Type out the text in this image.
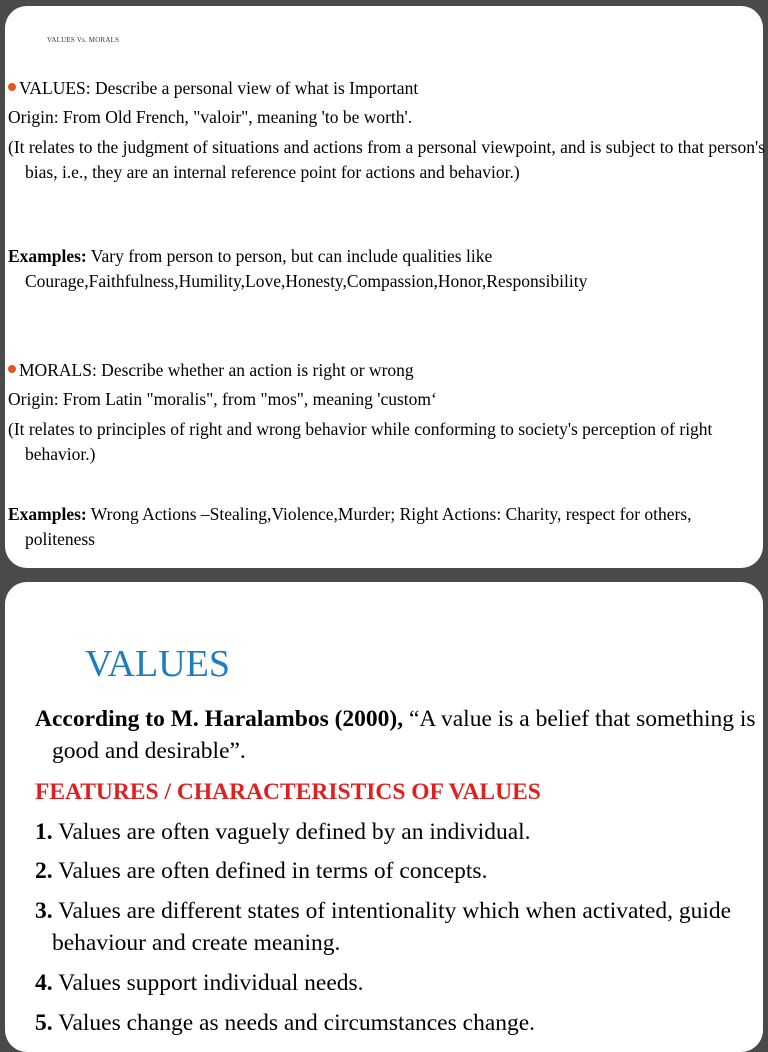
VALUES Vs. MORALS
VALUES: Describe a personal view of what is Important
Origin: From Old French, "valoir", meaning 'to be worth'.
(It relates to the judgment of situations and actions from a personal viewpoint, and is subject to that person's bias, i.e., they are an internal reference point for actions and behavior.)
Examples: Vary from person to person, but can include qualities like Courage,Faithfulness,Humility,Love,Honesty,Compassion,Honor,Responsibility
MORALS: Describe whether an action is right or wrong
Origin: From Latin "moralis", from "mos", meaning 'custom‘
(It relates to principles of right and wrong behavior while conforming to society's perception of right behavior.)
Examples: Wrong Actions –Stealing,Violence,Murder; Right Actions: Charity, respect for others, politeness
VALUES
According to M. Haralambos (2000), “A value is a belief that something is good and desirable”.
FEATURES / CHARACTERISTICS OF VALUES
1. Values are often vaguely defined by an individual.
2. Values are often defined in terms of concepts.
3. Values are different states of intentionality which when activated, guide behaviour and create meaning.
4. Values support individual needs.
5. Values change as needs and circumstances change.
